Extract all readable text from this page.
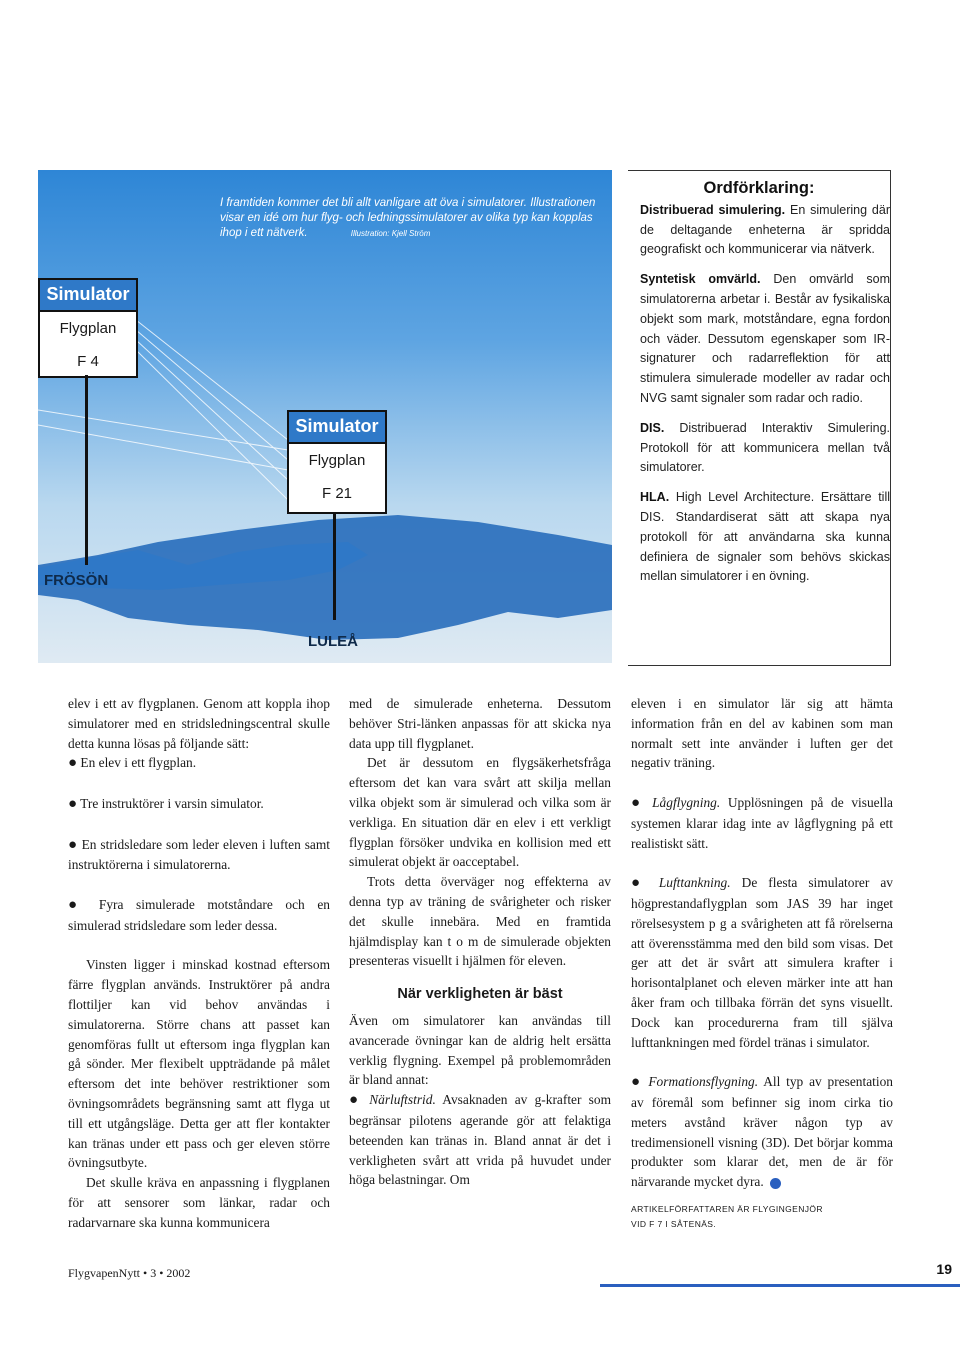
I framtiden kommer det bli allt vanligare att öva i simulatorer. Illustrationen visar en idé om hur flyg- och ledningssimulatorer av olika typ kan kopplas ihop i ett nätverk.	Illustration: Kjell Ström
Simulator
Flygplan
F 4
FRÖSÖN
Simulator
Flygplan
F 21
LULEÅ
Ordförklaring:

Distribuerad simulering. En simulering där de deltagande enheterna är spridda geografiskt och kommunicerar via nätverk.

Syntetisk omvärld. Den omvärld som simulatorerna arbetar i. Består av fysikaliska objekt som mark, motståndare, egna fordon och väder. Dessutom egenskaper som IR-signaturer och radarreflektion för att stimulera simulerade modeller av radar och NVG samt signaler som radar och radio.

DIS. Distribuerad Interaktiv Simulering. Protokoll för att kommunicera mellan två simulatorer.

HLA. High Level Architecture. Ersättare till DIS. Standardiserat sätt att skapa nya protokoll för att användarna ska kunna definiera de signaler som behövs skickas mellan simulatorer i en övning.

elev i ett av flygplanen. Genom att koppla ihop simulatorer med en stridsledningscentral skulle detta kunna lösas på följande sätt:

● En elev i ett flygplan.

● Tre instruktörer i varsin simulator.

● En stridsledare som leder eleven i luften samt instruktörerna i simulatorerna.

● Fyra simulerade motståndare och en simulerad stridsledare som leder dessa.

Vinsten ligger i minskad kostnad eftersom färre flygplan används. Instruktörer på andra flottiljer kan vid behov användas i simulatorerna. Större chans att passet kan genomföras fullt ut eftersom inga flygplan kan gå sönder. Mer flexibelt uppträdande på målet eftersom det inte behöver restriktioner som övningsområdets begränsning samt att flyga ut till ett utgångsläge. Detta ger att fler kontakter kan tränas under ett pass och ger eleven större övningsutbyte.

Det skulle kräva en anpassning i flygplanen för att sensorer som länkar, radar och radarvarnare ska kunna kommunicera

med de simulerade enheterna. Dessutom behöver Stri-länken anpassas för att skicka nya data upp till flygplanet.

Det är dessutom en flygsäkerhetsfråga eftersom det kan vara svårt att skilja mellan vilka objekt som är simulerad och vilka som är verkliga. En situation där en elev i ett verkligt flygplan försöker undvika en kollision med ett simulerat objekt är oacceptabel.

Trots detta överväger nog effekterna av denna typ av träning de svårigheter och risker det skulle innebära. Med en framtida hjälmdisplay kan t o m de simulerade objekten presenteras visuellt i hjälmen för eleven.

När verkligheten är bäst

Även om simulatorer kan användas till avancerade övningar kan de aldrig helt ersätta verklig flygning. Exempel på problemområden är bland annat:

● Närluftstrid. Avsaknaden av g-krafter som begränsar pilotens agerande gör att felaktiga beteenden kan tränas in. Bland annat är det i verkligheten svårt att vrida på huvudet under höga belastningar. Om

eleven i en simulator lär sig att hämta information från en del av kabinen som man normalt sett inte använder i luften ger det negativ träning.

● Lågflygning. Upplösningen på de visuella systemen klarar idag inte av lågflygning på ett realistiskt sätt.

● Lufttankning. De flesta simulatorer av högprestandaflygplan som JAS 39 har inget rörelsesystem p g a svårigheten att få rörelserna att överensstämma med den bild som visas. Det ger att det är svårt att simulera krafter i horisontalplanet och eleven märker inte att han åker fram och tillbaka förrän det syns visuellt. Dock kan procedurerna fram till själva lufttankningen med fördel tränas i simulator.

● Formationsflygning. All typ av presentation av föremål som befinner sig inom cirka tio meters avstånd kräver någon typ av tredimensionell visning (3D). Det börjar komma produkter som klarar det, men de är för närvarande mycket dyra.

ARTIKELFÖRFATTAREN ÄR FLYGINGENJÖR
VID F 7 I SÅTENÄS.
FlygvapenNytt • 3 • 2002	19
